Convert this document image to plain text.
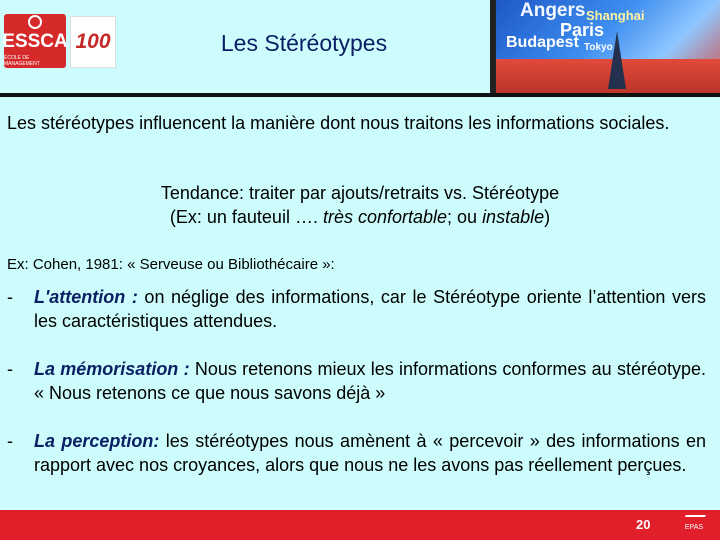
ESSCA
ÉCOLE DE MANAGEMENT
100	Les Stéréotypes
Angers Shanghai
Paris
Budapest Tokyo
Les stéréotypes influencent la manière dont nous traitons les informations sociales.
Tendance: traiter par ajouts/retraits vs. Stéréotype
(Ex: un fauteuil …. très confortable; ou instable)
Ex: Cohen, 1981: « Serveuse ou Bibliothécaire »:
- L'attention : on néglige des informations, car le Stéréotype oriente l’attention vers les caractéristiques attendues.
- La mémorisation : Nous retenons mieux les informations conformes au stéréotype. « Nous retenons ce que nous savons déjà »
- La perception: les stéréotypes nous amènent à « percevoir » des informations en rapport avec nos croyances, alors que nous ne les avons pas réellement perçues.
20	EPAS
